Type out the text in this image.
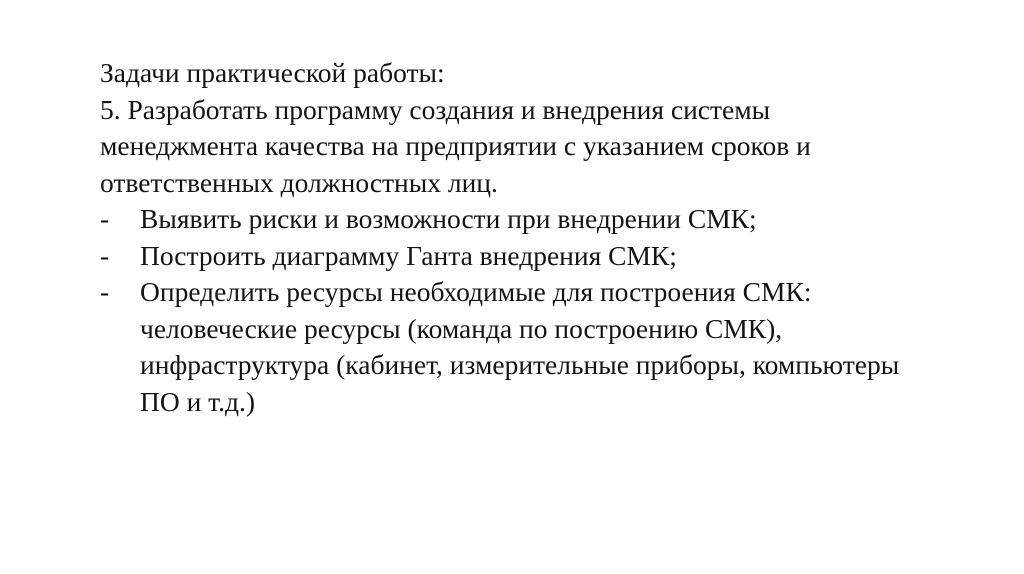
Задачи практической работы:

5. Разработать программу создания и внедрения системы

менеджмента качества на предприятии с указанием сроков и

ответственных должностных лиц.

-	Выявить риски и возможности при внедрении СМК;
-	Построить диаграмму Ганта внедрения СМК;
-	Определить ресурсы необходимые для построения СМК:
человеческие ресурсы (команда по построению СМК),
инфраструктура (кабинет, измерительные приборы, компьютеры
ПО и т.д.)
